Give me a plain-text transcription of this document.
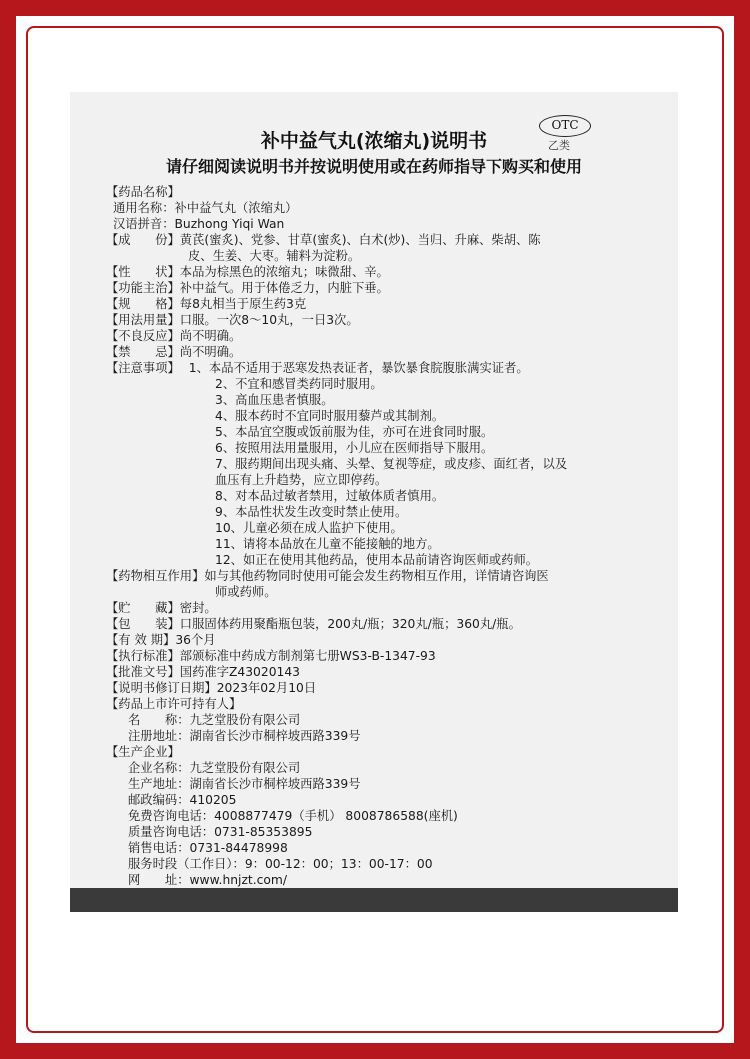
补中益气丸(浓缩丸)说明书
OTC
乙类
请仔细阅读说明书并按说明使用或在药师指导下购买和使用
【药品名称】
通用名称： 补中益气丸（浓缩丸）
汉语拼音： Buzhong Yiqi Wan
【成　　份】 黄芪(蜜炙)、党参、甘草(蜜炙)、白术(炒)、当归、升麻、柴胡、陈
皮、生姜、大枣。辅料为淀粉。
【性　　状】 本品为棕黑色的浓缩丸；味微甜、辛。
【功能主治】 补中益气。用于体倦乏力，内脏下垂。
【规　　格】 每8丸相当于原生药3克
【用法用量】 口服。一次8～10丸，一日3次。
【不良反应】 尚不明确。
【禁　　忌】 尚不明确。
【注意事项】 1、本品不适用于恶寒发热表证者，暴饮暴食脘腹胀满实证者。
2、不宜和感冒类药同时服用。
3、高血压患者慎服。
4、服本药时不宜同时服用藜芦或其制剂。
5、本品宜空腹或饭前服为佳，亦可在进食同时服。
6、按照用法用量服用，小儿应在医师指导下服用。
7、服药期间出现头痛、头晕、复视等症，或皮疹、面红者，以及
血压有上升趋势，应立即停药。
8、对本品过敏者禁用，过敏体质者慎用。
9、本品性状发生改变时禁止使用。
10、儿童必须在成人监护下使用。
11、请将本品放在儿童不能接触的地方。
12、如正在使用其他药品，使用本品前请咨询医师或药师。
【药物相互作用】 如与其他药物同时使用可能会发生药物相互作用，详情请咨询医
师或药师。
【贮　　藏】 密封。
【包　　装】 口服固体药用聚酯瓶包装，200丸/瓶；320丸/瓶；360丸/瓶。
【有 效 期】 36个月
【执行标准】 部颁标准中药成方制剂第七册WS3-B-1347-93
【批准文号】 国药准字Z43020143
【说明书修订日期】 2023年02月10日
【药品上市许可持有人】
名　　称： 九芝堂股份有限公司
注册地址： 湖南省长沙市桐梓坡西路339号
【生产企业】
企业名称： 九芝堂股份有限公司
生产地址： 湖南省长沙市桐梓坡西路339号
邮政编码： 410205
免费咨询电话： 4008877479（手机） 8008786588(座机)
质量咨询电话： 0731-85353895
销售电话： 0731-84478998
服务时段（工作日）： 9：00-12：00；13：00-17：00
网　　址： www.hnjzt.com/
